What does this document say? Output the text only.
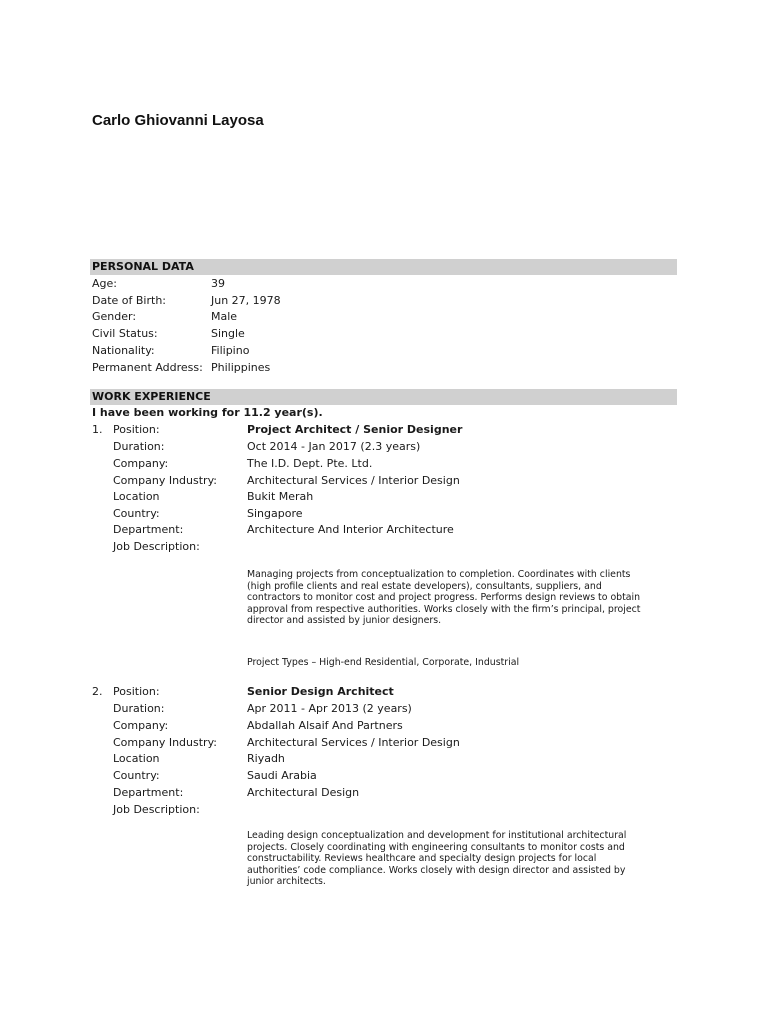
Carlo Ghiovanni Layosa
PERSONAL DATA
Age:	39
Date of Birth:	Jun 27, 1978
Gender:	Male
Civil Status:	Single
Nationality:	Filipino
Permanent Address: Philippines
WORK EXPERIENCE
I have been working for 11.2 year(s).
1. Position:	Project Architect / Senior Designer
Duration:	Oct 2014 - Jan 2017 (2.3 years)
Company:	The I.D. Dept. Pte. Ltd.
Company Industry:	Architectural Services / Interior Design
Location	Bukit Merah
Country:	Singapore
Department:	Architecture And Interior Architecture
Job Description:
Managing projects from conceptualization to completion. Coordinates with clients
(high profile clients and real estate developers), consultants, suppliers, and
contractors to monitor cost and project progress. Performs design reviews to obtain
approval from respective authorities. Works closely with the firm’s principal, project
director and assisted by junior designers.
Project Types – High-end Residential, Corporate, Industrial
2. Position:	Senior Design Architect
Duration:	Apr 2011 - Apr 2013 (2 years)
Company:	Abdallah Alsaif And Partners
Company Industry:	Architectural Services / Interior Design
Location	Riyadh
Country:	Saudi Arabia
Department:	Architectural Design
Job Description:
Leading design conceptualization and development for institutional architectural
projects. Closely coordinating with engineering consultants to monitor costs and
constructability. Reviews healthcare and specialty design projects for local
authorities’ code compliance. Works closely with design director and assisted by
junior architects.
